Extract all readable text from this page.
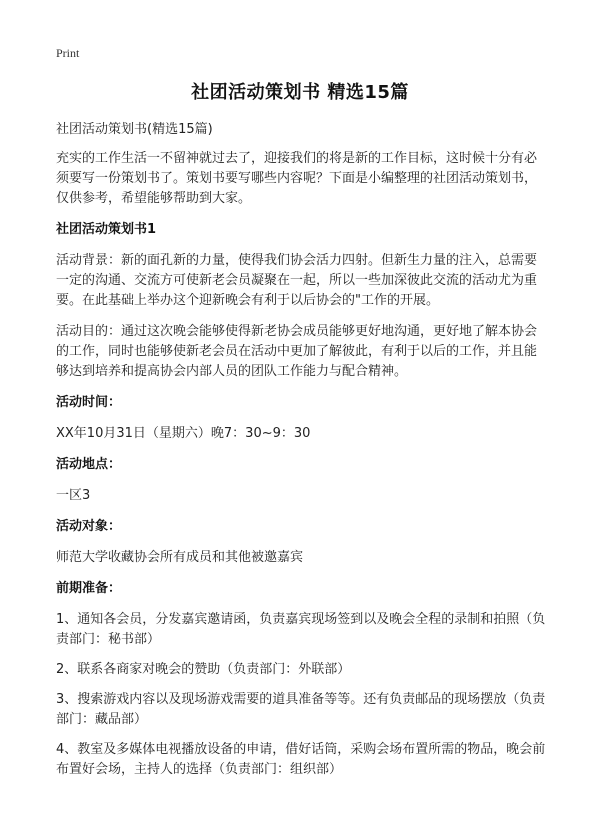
Print
社团活动策划书 精选15篇

社团活动策划书(精选15篇)

充实的工作生活一不留神就过去了，迎接我们的将是新的工作目标，这时候十分有必须要写一份策划书了。策划书要写哪些内容呢？下面是小编整理的社团活动策划书，仅供参考，希望能够帮助到大家。

社团活动策划书1

活动背景：新的面孔新的力量，使得我们协会活力四射。但新生力量的注入，总需要一定的沟通、交流方可使新老会员凝聚在一起，所以一些加深彼此交流的活动尤为重要。在此基础上举办这个迎新晚会有利于以后协会的"工作的开展。

活动目的：通过这次晚会能够使得新老协会成员能够更好地沟通，更好地了解本协会的工作，同时也能够使新老会员在活动中更加了解彼此，有利于以后的工作，并且能够达到培养和提高协会内部人员的团队工作能力与配合精神。

活动时间：

XX年10月31日（星期六）晚7：30~9：30

活动地点：

一区3

活动对象：

师范大学收藏协会所有成员和其他被邀嘉宾

前期准备：

1、通知各会员，分发嘉宾邀请函，负责嘉宾现场签到以及晚会全程的录制和拍照（负责部门：秘书部）

2、联系各商家对晚会的赞助（负责部门：外联部）

3、搜索游戏内容以及现场游戏需要的道具准备等等。还有负责邮品的现场摆放（负责部门：藏品部）

4、教室及多媒体电视播放设备的申请，借好话筒，采购会场布置所需的物品，晚会前布置好会场，主持人的选择（负责部门：组织部）
